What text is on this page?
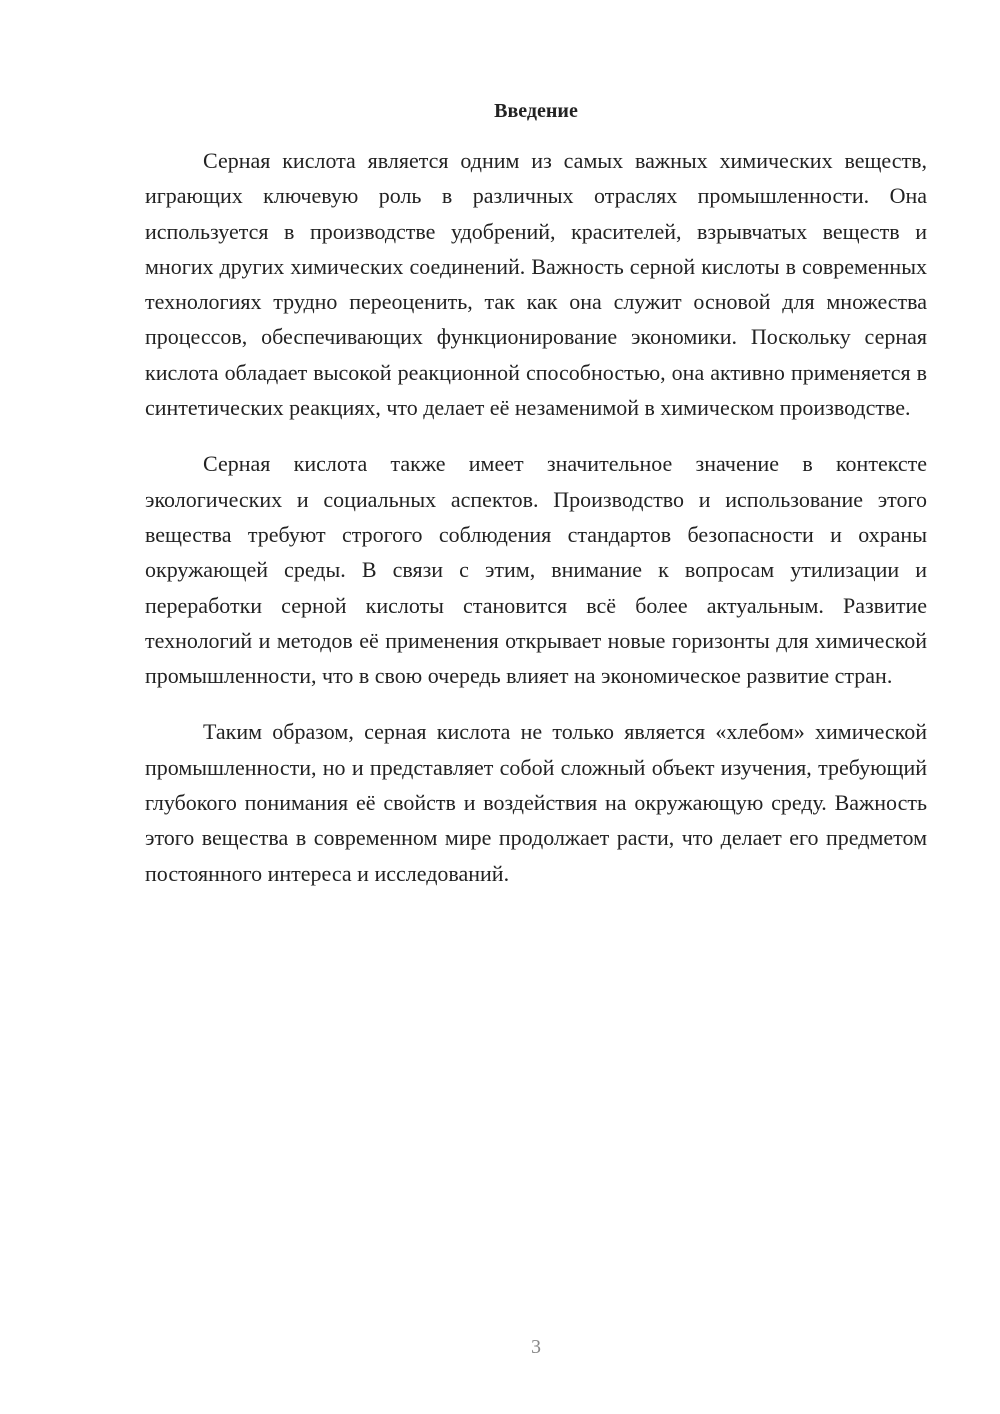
Введение

Серная кислота является одним из самых важных химических веществ, играющих ключевую роль в различных отраслях промышленности. Она используется в производстве удобрений, красителей, взрывчатых веществ и многих других химических соединений. Важность серной кислоты в современных технологиях трудно переоценить, так как она служит основой для множества процессов, обеспечивающих функционирование экономики. Поскольку серная кислота обладает высокой реакционной способностью, она активно применяется в синтетических реакциях, что делает её незаменимой в химическом производстве.

Серная кислота также имеет значительное значение в контексте экологических и социальных аспектов. Производство и использование этого вещества требуют строгого соблюдения стандартов безопасности и охраны окружающей среды. В связи с этим, внимание к вопросам утилизации и переработки серной кислоты становится всё более актуальным. Развитие технологий и методов её применения открывает новые горизонты для химической промышленности, что в свою очередь влияет на экономическое развитие стран.

Таким образом, серная кислота не только является «хлебом» химической промышленности, но и представляет собой сложный объект изучения, требующий глубокого понимания её свойств и воздействия на окружающую среду. Важность этого вещества в современном мире продолжает расти, что делает его предметом постоянного интереса и исследований.

3
